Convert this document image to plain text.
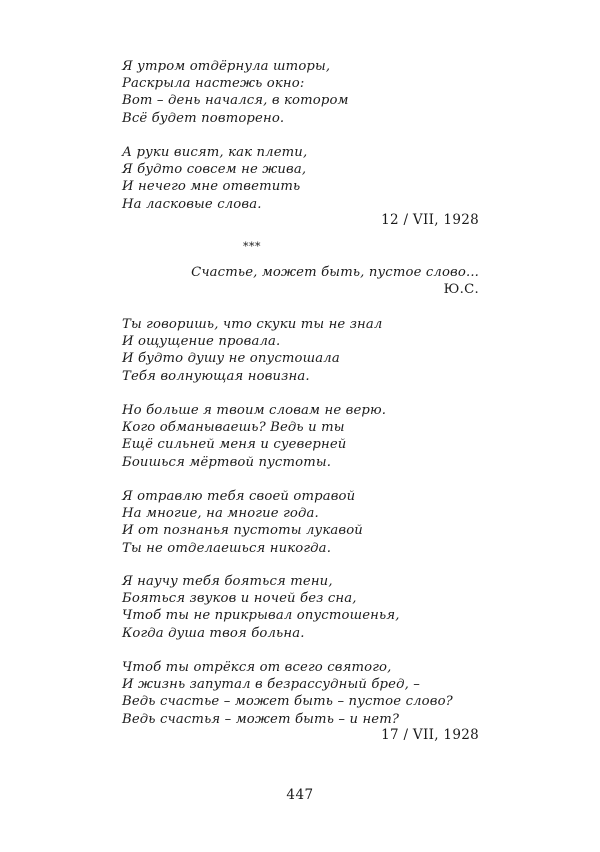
Я утром отдёрнула шторы,
Раскрыла настежь окно:
Вот – день начался, в котором
Всё будет повторено.
А руки висят, как плети,
Я будто совсем не жива,
И нечего мне ответить
На ласковые слова.
12 / VII, 1928
***
Счастье, может быть, пустое слово...
Ю.С.
Ты говоришь, что скуки ты не знал
И ощущение провала.
И будто душу не опустошала
Тебя волнующая новизна.
Но больше я твоим словам не верю.
Кого обманываешь? Ведь и ты
Ещё сильней меня и суеверней
Боишься мёртвой пустоты.
Я отравлю тебя своей отравой
На многие, на многие года.
И от познанья пустоты лукавой
Ты не отделаешься никогда.
Я научу тебя бояться тени,
Бояться звуков и ночей без сна,
Чтоб ты не прикрывал опустошенья,
Когда душа твоя больна.
Чтоб ты отрёкся от всего святого,
И жизнь запутал в безрассудный бред, –
Ведь счастье – может быть – пустое слово?
Ведь счастья – может быть – и нет?
17 / VII, 1928
447
